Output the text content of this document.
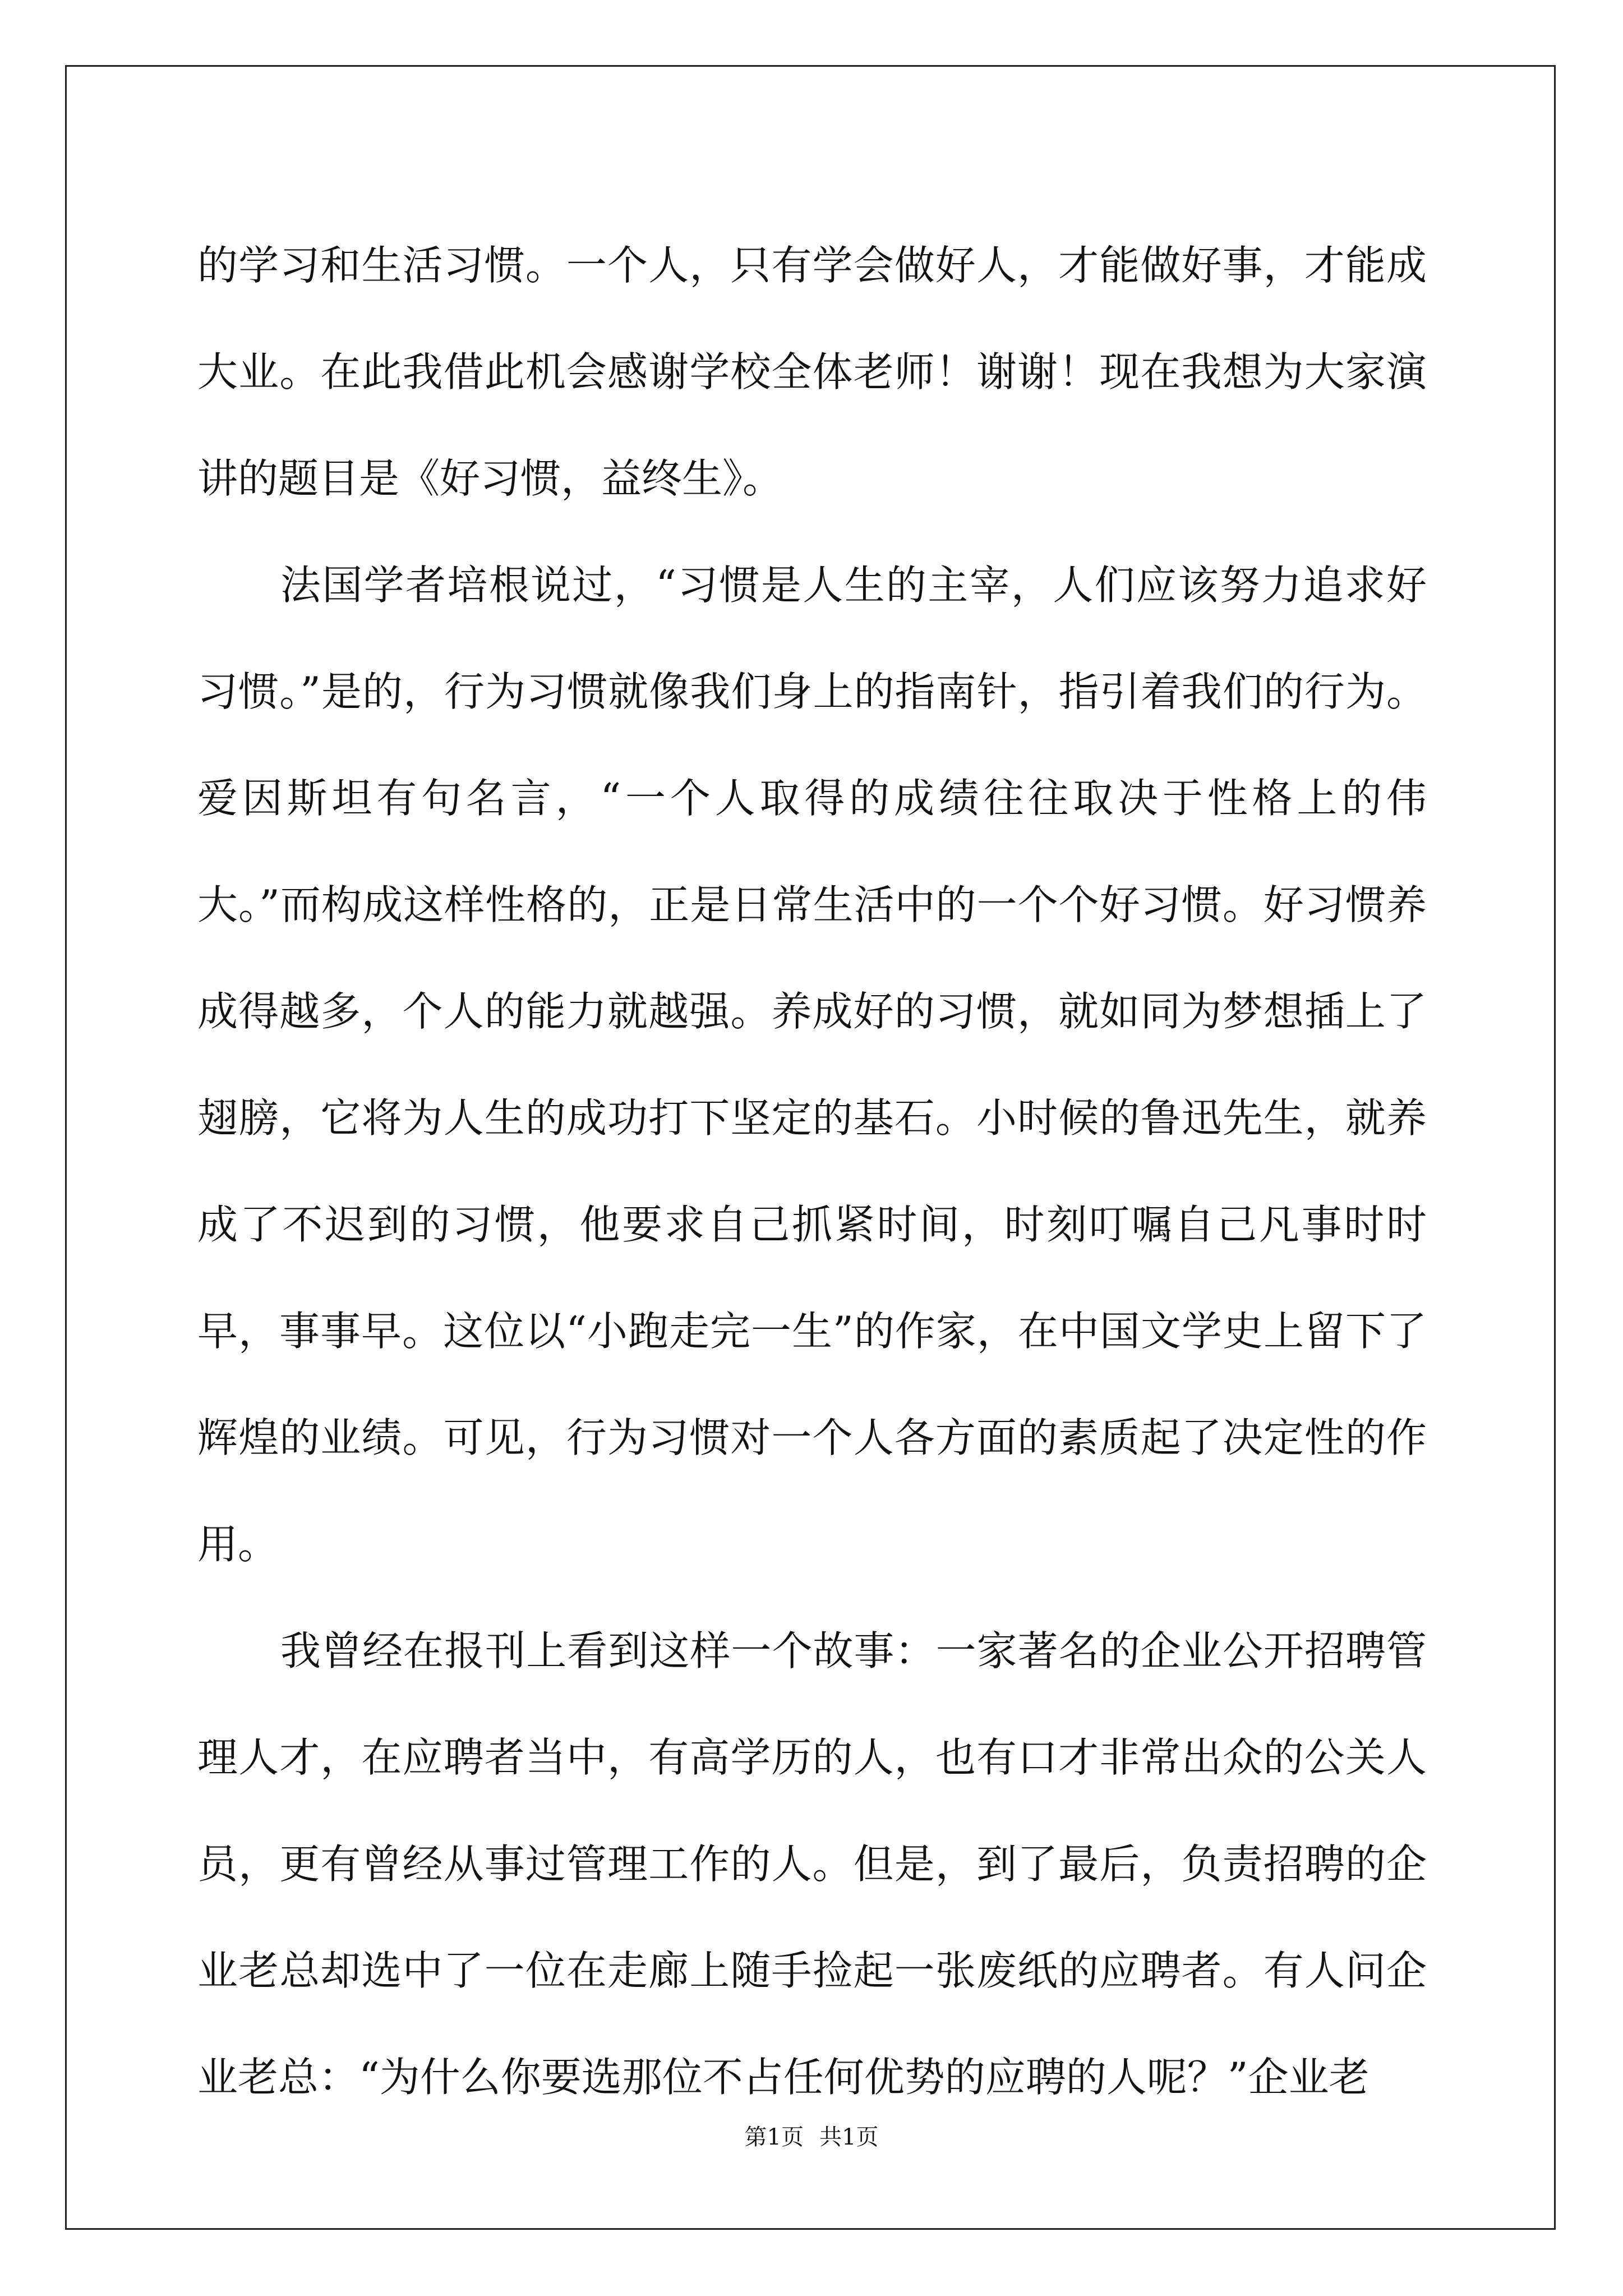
的学习和生活习惯。一个人，只有学会做好人，才能做好事，才能成大业。在此我借此机会感谢学校全体老师！谢谢！现在我想为大家演讲的题目是《好习惯，益终生》。

法国学者培根说过，“习惯是人生的主宰，人们应该努力追求好习惯。”是的，行为习惯就像我们身上的指南针，指引着我们的行为。爱因斯坦有句名言，“一个人取得的成绩往往取决于性格上的伟大。”而构成这样性格的，正是日常生活中的一个个好习惯。好习惯养成得越多，个人的能力就越强。养成好的习惯，就如同为梦想插上了翅膀，它将为人生的成功打下坚定的基石。小时候的鲁迅先生，就养成了不迟到的习惯，他要求自己抓紧时间，时刻叮嘱自己凡事时时早，事事早。这位以“小跑走完一生”的作家，在中国文学史上留下了辉煌的业绩。可见，行为习惯对一个人各方面的素质起了决定性的作用。

我曾经在报刊上看到这样一个故事：一家著名的企业公开招聘管理人才，在应聘者当中，有高学历的人，也有口才非常出众的公关人员，更有曾经从事过管理工作的人。但是，到了最后，负责招聘的企业老总却选中了一位在走廊上随手捡起一张废纸的应聘者。有人问企业老总：“为什么你要选那位不占任何优势的应聘的人呢？”企业老

第1页 共1页
